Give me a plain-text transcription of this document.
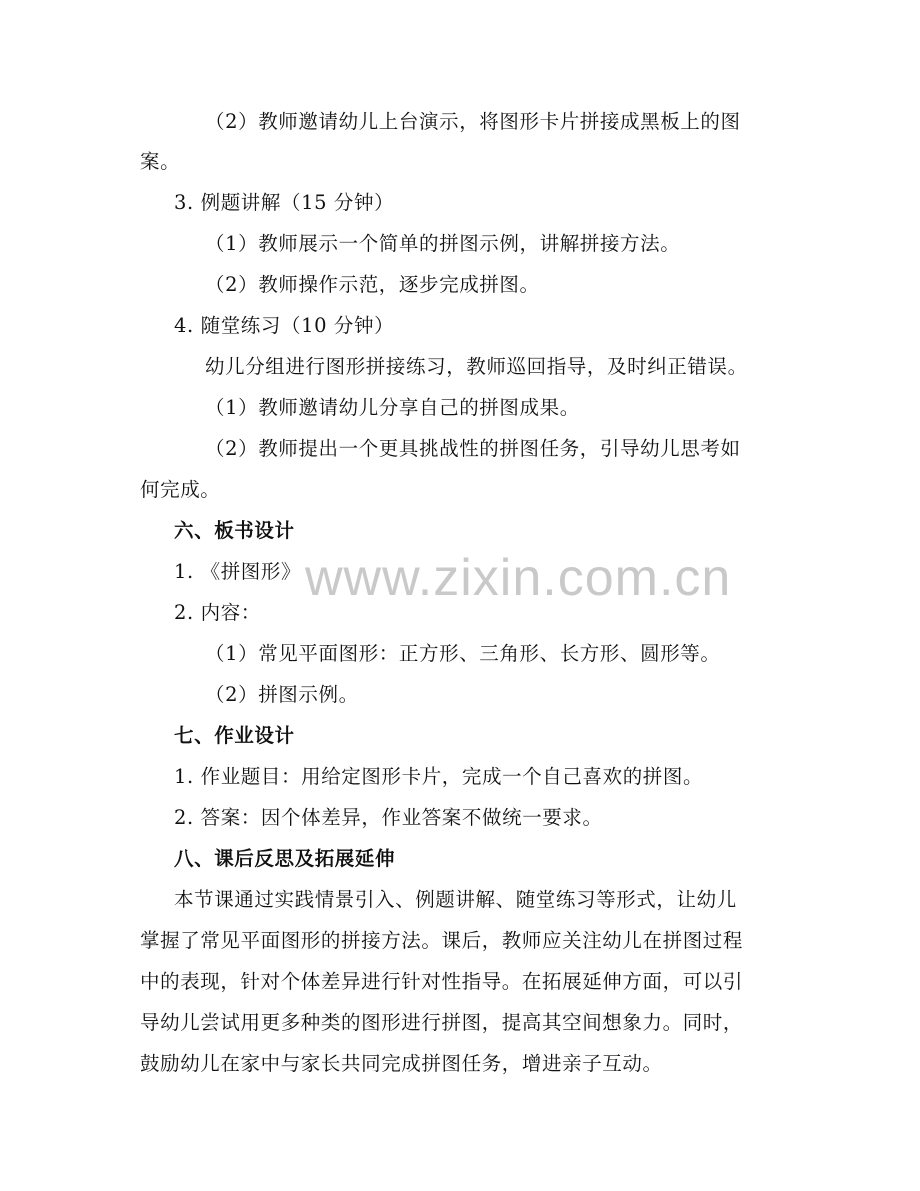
（2）教师邀请幼儿上台演示，将图形卡片拼接成黑板上的图
案。
3. 例题讲解（15 分钟）
（1）教师展示一个简单的拼图示例，讲解拼接方法。
（2）教师操作示范，逐步完成拼图。
4. 随堂练习（10 分钟）
幼儿分组进行图形拼接练习，教师巡回指导，及时纠正错误。
（1）教师邀请幼儿分享自己的拼图成果。
（2）教师提出一个更具挑战性的拼图任务，引导幼儿思考如
何完成。
六、板书设计
1. 《拼图形》
2. 内容：
（1）常见平面图形：正方形、三角形、长方形、圆形等。
（2）拼图示例。
七、作业设计
1. 作业题目：用给定图形卡片，完成一个自己喜欢的拼图。
2. 答案：因个体差异，作业答案不做统一要求。
八、课后反思及拓展延伸
本节课通过实践情景引入、例题讲解、随堂练习等形式，让幼儿
掌握了常见平面图形的拼接方法。课后，教师应关注幼儿在拼图过程
中的表现，针对个体差异进行针对性指导。在拓展延伸方面，可以引
导幼儿尝试用更多种类的图形进行拼图，提高其空间想象力。同时，
鼓励幼儿在家中与家长共同完成拼图任务，增进亲子互动。
www.zixin.com.cn
